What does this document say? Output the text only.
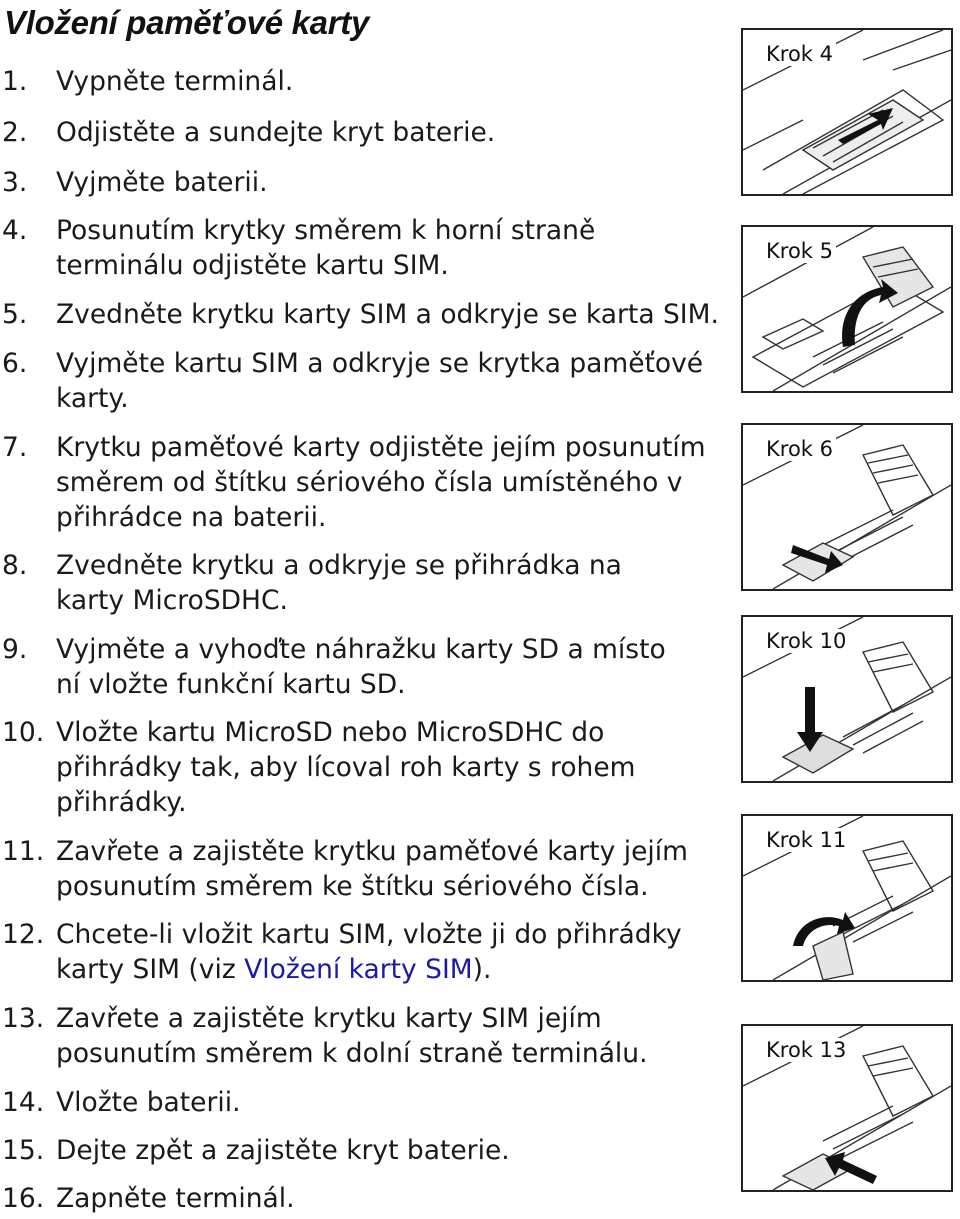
Vložení paměťové karty
1. Vypněte terminál.
2. Odjistěte a sundejte kryt baterie.
3. Vyjměte baterii.
4. Posunutím krytky směrem k horní straně terminálu odjistěte kartu SIM.
5. Zvedněte krytku karty SIM a odkryje se karta SIM.
6. Vyjměte kartu SIM a odkryje se krytka paměťové karty.
7. Krytku paměťové karty odjistěte jejím posunutím směrem od štítku sériového čísla umístěného v přihrádce na baterii.
8. Zvedněte krytku a odkryje se přihrádka na karty MicroSDHC.
9. Vyjměte a vyhoďte náhražku karty SD a místo ní vložte funkční kartu SD.
10. Vložte kartu MicroSD nebo MicroSDHC do přihrádky tak, aby lícoval roh karty s rohem přihrádky.
11. Zavřete a zajistěte krytku paměťové karty jejím posunutím směrem ke štítku sériového čísla.
12. Chcete-li vložit kartu SIM, vložte ji do přihrádky karty SIM (viz Vložení karty SIM).
13. Zavřete a zajistěte krytku karty SIM jejím posunutím směrem k dolní straně terminálu.
14. Vložte baterii.
15. Dejte zpět a zajistěte kryt baterie.
16. Zapněte terminál.
Krok 4
Krok 5
Krok 6
Krok 10
Krok 11
Krok 13
